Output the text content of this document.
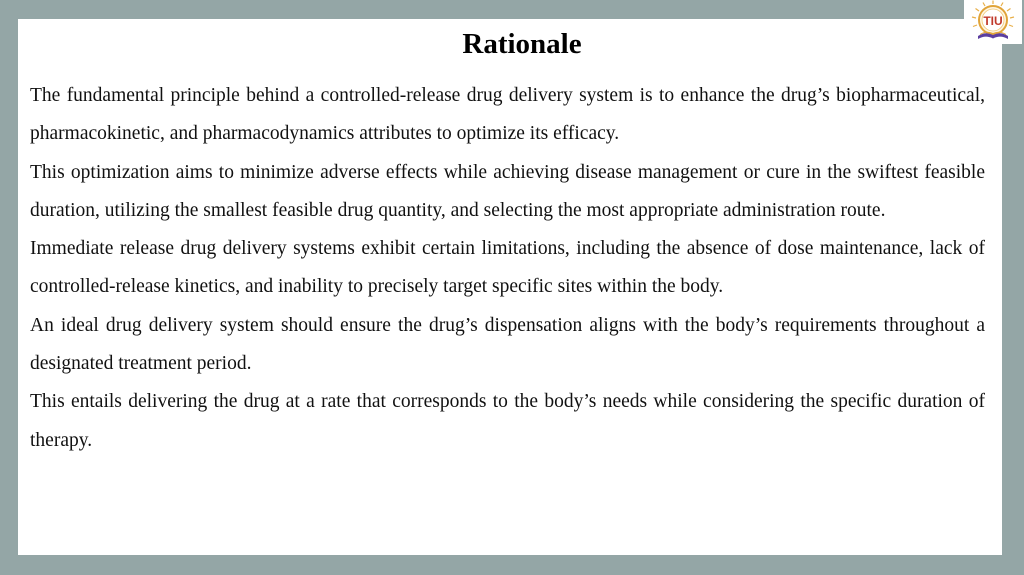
TIU
Rationale

The fundamental principle behind a controlled-release drug delivery system is to enhance the drug’s biopharmaceutical, pharmacokinetic, and pharmacodynamics attributes to optimize its efficacy.

This optimization aims to minimize adverse effects while achieving disease management or cure in the swiftest feasible duration, utilizing the smallest feasible drug quantity, and selecting the most appropriate administration route.

Immediate release drug delivery systems exhibit certain limitations, including the absence of dose maintenance, lack of controlled-release kinetics, and inability to precisely target specific sites within the body.

An ideal drug delivery system should ensure the drug’s dispensation aligns with the body’s requirements throughout a designated treatment period.

This entails delivering the drug at a rate that corresponds to the body’s needs while considering the specific duration of therapy.
